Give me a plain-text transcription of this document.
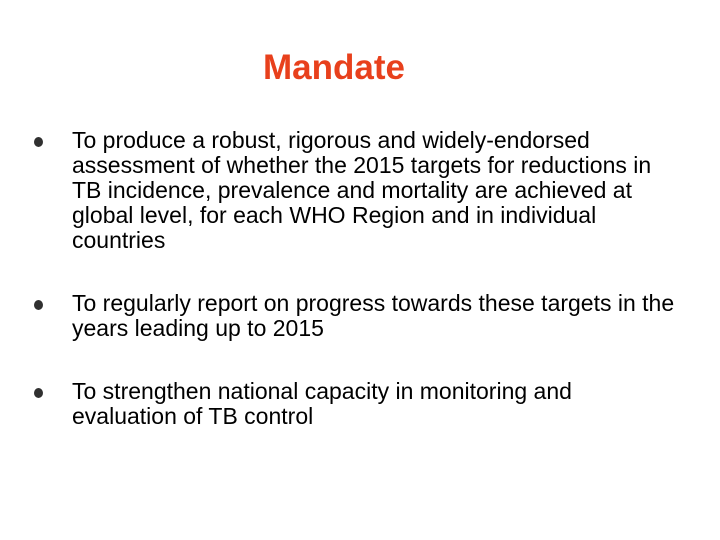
Mandate
To produce a robust, rigorous and widely-endorsed assessment of whether the 2015 targets for reductions in TB incidence, prevalence and mortality are achieved at global level, for each WHO Region and in individual countries
To regularly report on progress towards these targets in the years leading up to 2015
To strengthen national capacity in monitoring and evaluation of TB control
